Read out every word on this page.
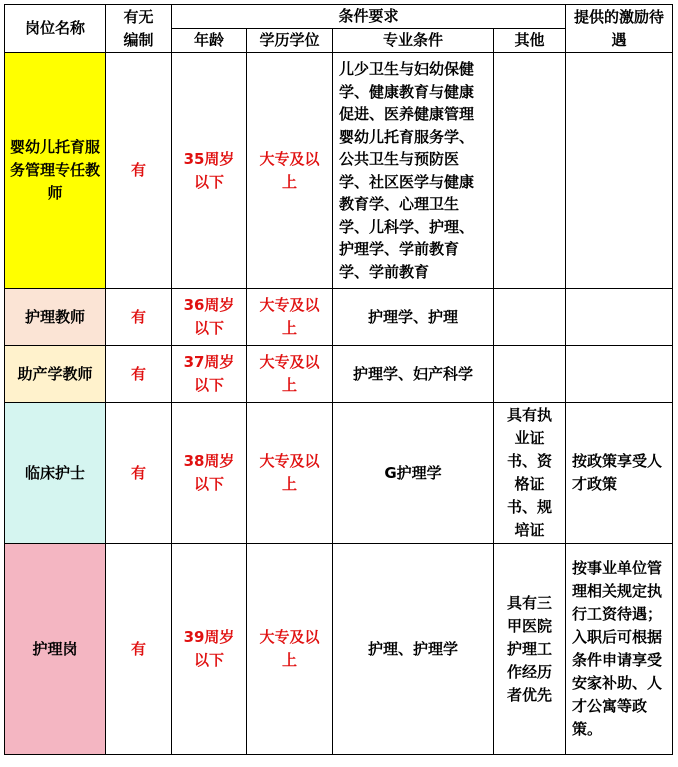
岗位名称	有无编制	条件要求				提供的激励待遇
		年龄	学历学位	专业条件	其他	
婴幼儿托育服务管理专任教师	有	35周岁以下	大专及以上	儿少卫生与妇幼保健学、健康教育与健康促进、医养健康管理婴幼儿托育服务学、公共卫生与预防医学、社区医学与健康教育学、心理卫生学、儿科学、护理、护理学、学前教育学、学前教育		
护理教师	有	36周岁以下	大专及以上	护理学、护理		
助产学教师	有	37周岁以下	大专及以上	护理学、妇产科学		
临床护士	有	38周岁以下	大专及以上	G护理学	具有执业证书、资格证书、规培证	按政策享受人才政策
护理岗	有	39周岁以下	大专及以上	护理、护理学	具有三甲医院护理工作经历者优先	按事业单位管理相关规定执行工资待遇；入职后可根据条件申请享受安家补助、人才公寓等政策。
